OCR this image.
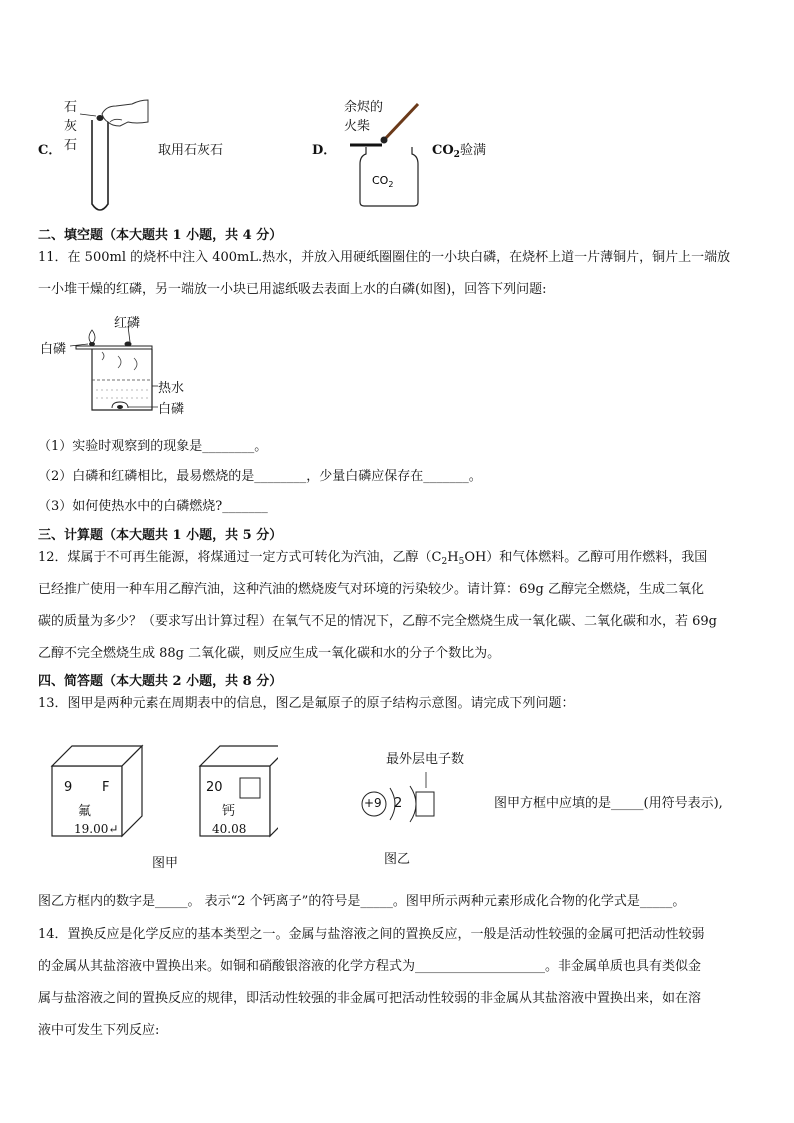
石
灰
石
C．	取用石灰石	D．
余烬的
火柴
$CO_2$
$CO_2$验满
二、填空题（本大题共 1 小题，共 4 分）
11．在 500ml 的烧杯中注入 400mL.热水，并放入用硬纸圈圈住的一小块白磷，在烧杯上道一片薄铜片，铜片上一端放
一小堆干燥的红磷，另一端放一小块已用滤纸吸去表面上水的白磷(如图)，回答下列问题:
红磷
白磷
热水
白磷
（1）实验时观察到的现象是________。
（2）白磷和红磷相比，最易燃烧的是________，少量白磷应保存在_______。
（3）如何使热水中的白磷燃烧?_______
三、计算题（本大题共 1 小题，共 5 分）
12．煤属于不可再生能源，将煤通过一定方式可转化为汽油，乙醇$(C_2H_5OH)$和气体燃料。乙醇可用作燃料，我国
已经推广使用一种车用乙醇汽油，这种汽油的燃烧废气对环境的污染较少。请计算：69g 乙醇完全燃烧，生成二氧化
碳的质量为多少？（要求写出计算过程）在氧气不足的情况下，乙醇不完全燃烧生成一氧化碳、二氧化碳和水，若 69g
乙醇不完全燃烧生成 88g 二氧化碳，则反应生成一氧化碳和水的分子个数比为。
四、简答题（本大题共 2 小题，共 8 分）
13．图甲是两种元素在周期表中的信息，图乙是氟原子的原子结构示意图。请完成下列问题：
9 F
氟
19.00↵
20
钙
40.08
图甲
最外层电子数
+9 2
图乙
图甲方框中应填的是_____(用符号表示),
图乙方框内的数字是_____。 表示“2 个钙离子”的符号是_____。图甲所示两种元素形成化合物的化学式是_____。
14．置换反应是化学反应的基本类型之一。金属与盐溶液之间的置换反应，一般是活动性较强的金属可把活动性较弱
的金属从其盐溶液中置换出来。如铜和硝酸银溶液的化学方程式为____________________。非金属单质也具有类似金
属与盐溶液之间的置换反应的规律，即活动性较强的非金属可把活动性较弱的非金属从其盐溶液中置换出来，如在溶
液中可发生下列反应:
